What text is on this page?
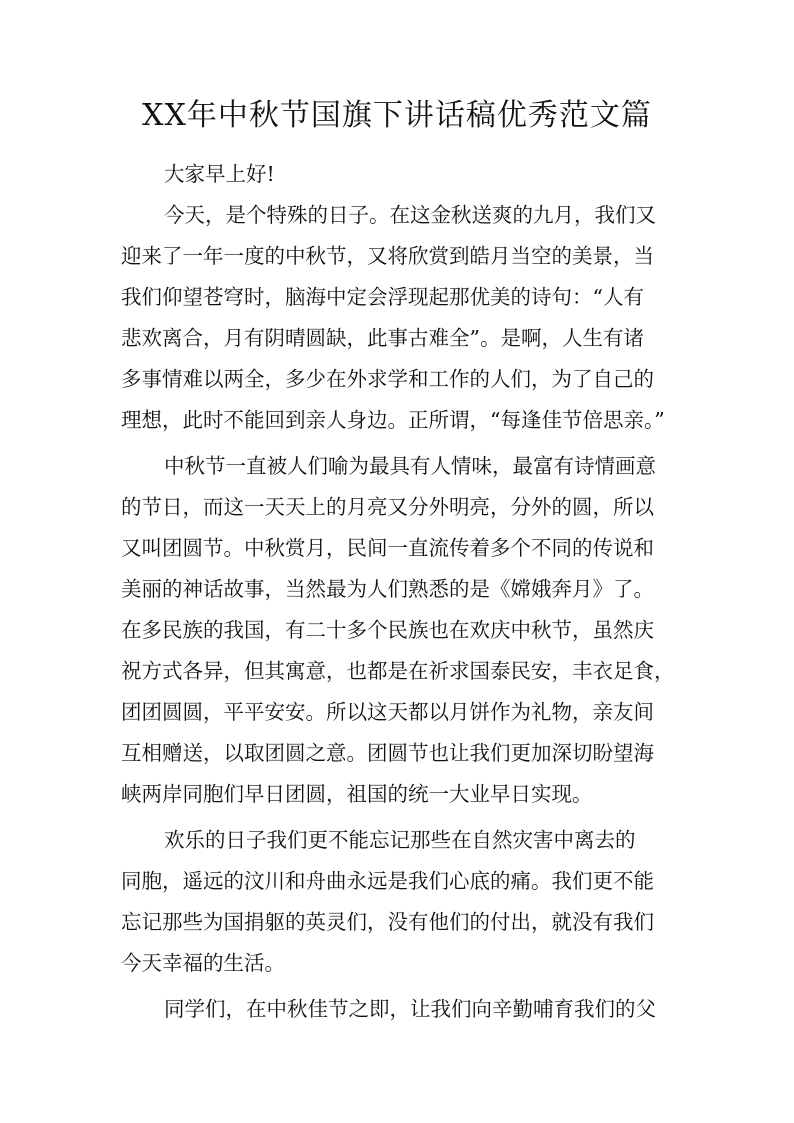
XX年中秋节国旗下讲话稿优秀范文篇

大家早上好!

今天，是个特殊的日子。在这金秋送爽的九月，我们又

迎来了一年一度的中秋节，又将欣赏到皓月当空的美景，当

我们仰望苍穹时，脑海中定会浮现起那优美的诗句：“人有

悲欢离合，月有阴晴圆缺，此事古难全”。是啊，人生有诸

多事情难以两全，多少在外求学和工作的人们，为了自己的

理想，此时不能回到亲人身边。正所谓，“每逢佳节倍思亲。”

中秋节一直被人们喻为最具有人情味，最富有诗情画意

的节日，而这一天天上的月亮又分外明亮，分外的圆，所以

又叫团圆节。中秋赏月，民间一直流传着多个不同的传说和

美丽的神话故事，当然最为人们熟悉的是《嫦娥奔月》了。

在多民族的我国，有二十多个民族也在欢庆中秋节，虽然庆

祝方式各异，但其寓意，也都是在祈求国泰民安，丰衣足食，

团团圆圆，平平安安。所以这天都以月饼作为礼物，亲友间

互相赠送，以取团圆之意。团圆节也让我们更加深切盼望海

峡两岸同胞们早日团圆，祖国的统一大业早日实现。

欢乐的日子我们更不能忘记那些在自然灾害中离去的

同胞，遥远的汶川和舟曲永远是我们心底的痛。我们更不能

忘记那些为国捐躯的英灵们，没有他们的付出，就没有我们

今天幸福的生活。

同学们，在中秋佳节之即，让我们向辛勤哺育我们的父
